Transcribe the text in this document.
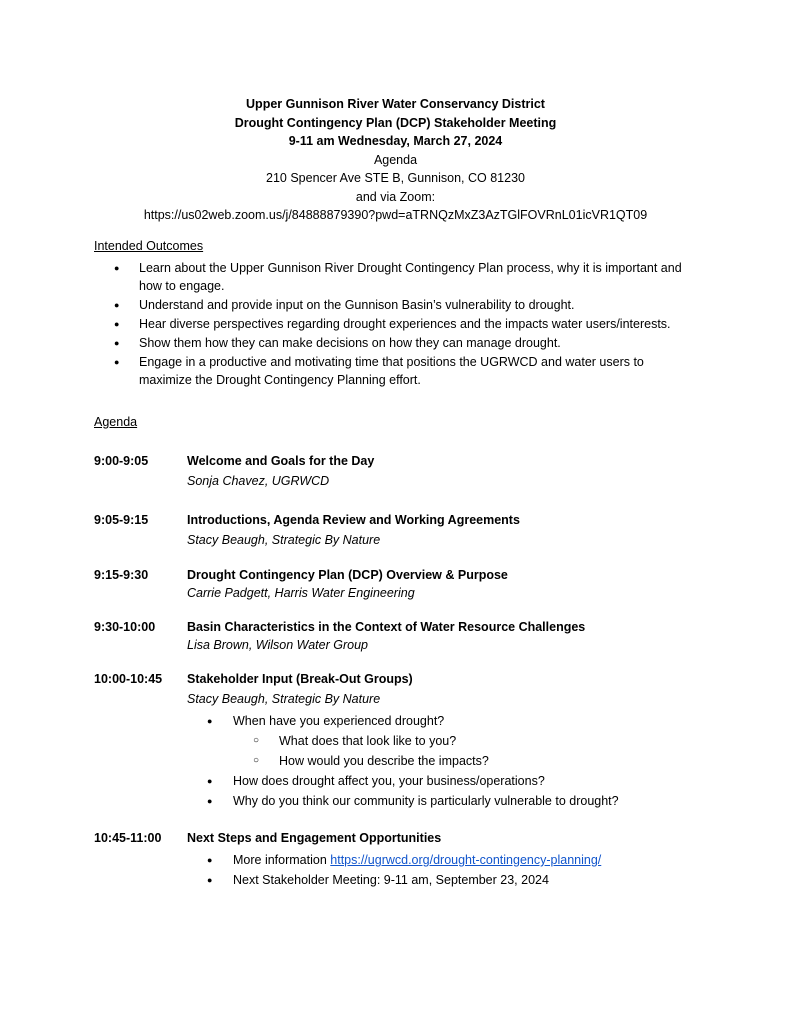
Upper Gunnison River Water Conservancy District
Drought Contingency Plan (DCP) Stakeholder Meeting
9-11 am Wednesday, March 27, 2024
Agenda
210 Spencer Ave STE B, Gunnison, CO 81230
and via Zoom:
https://us02web.zoom.us/j/84888879390?pwd=aTRNQzMxZ3AzTGlFOVRnL01icVR1QT09
Intended Outcomes
● Learn about the Upper Gunnison River Drought Contingency Plan process, why it is important and how to engage.
● Understand and provide input on the Gunnison Basin’s vulnerability to drought.
● Hear diverse perspectives regarding drought experiences and the impacts water users/interests.
● Show them how they can make decisions on how they can manage drought.
● Engage in a productive and motivating time that positions the UGRWCD and water users to maximize the Drought Contingency Planning effort.
Agenda
9:00-9:05	Welcome and Goals for the Day
Sonja Chavez, UGRWCD
9:05-9:15	Introductions, Agenda Review and Working Agreements
Stacy Beaugh, Strategic By Nature
9:15-9:30	Drought Contingency Plan (DCP) Overview & Purpose
Carrie Padgett, Harris Water Engineering
9:30-10:00	Basin Characteristics in the Context of Water Resource Challenges
Lisa Brown, Wilson Water Group
10:00-10:45 Stakeholder Input (Break-Out Groups)
Stacy Beaugh, Strategic By Nature
● When have you experienced drought?
○ What does that look like to you?
○ How would you describe the impacts?
● How does drought affect you, your business/operations?
● Why do you think our community is particularly vulnerable to drought?
10:45-11:00 Next Steps and Engagement Opportunities
● More information https://ugrwcd.org/drought-contingency-planning/
● Next Stakeholder Meeting: 9-11 am, September 23, 2024
